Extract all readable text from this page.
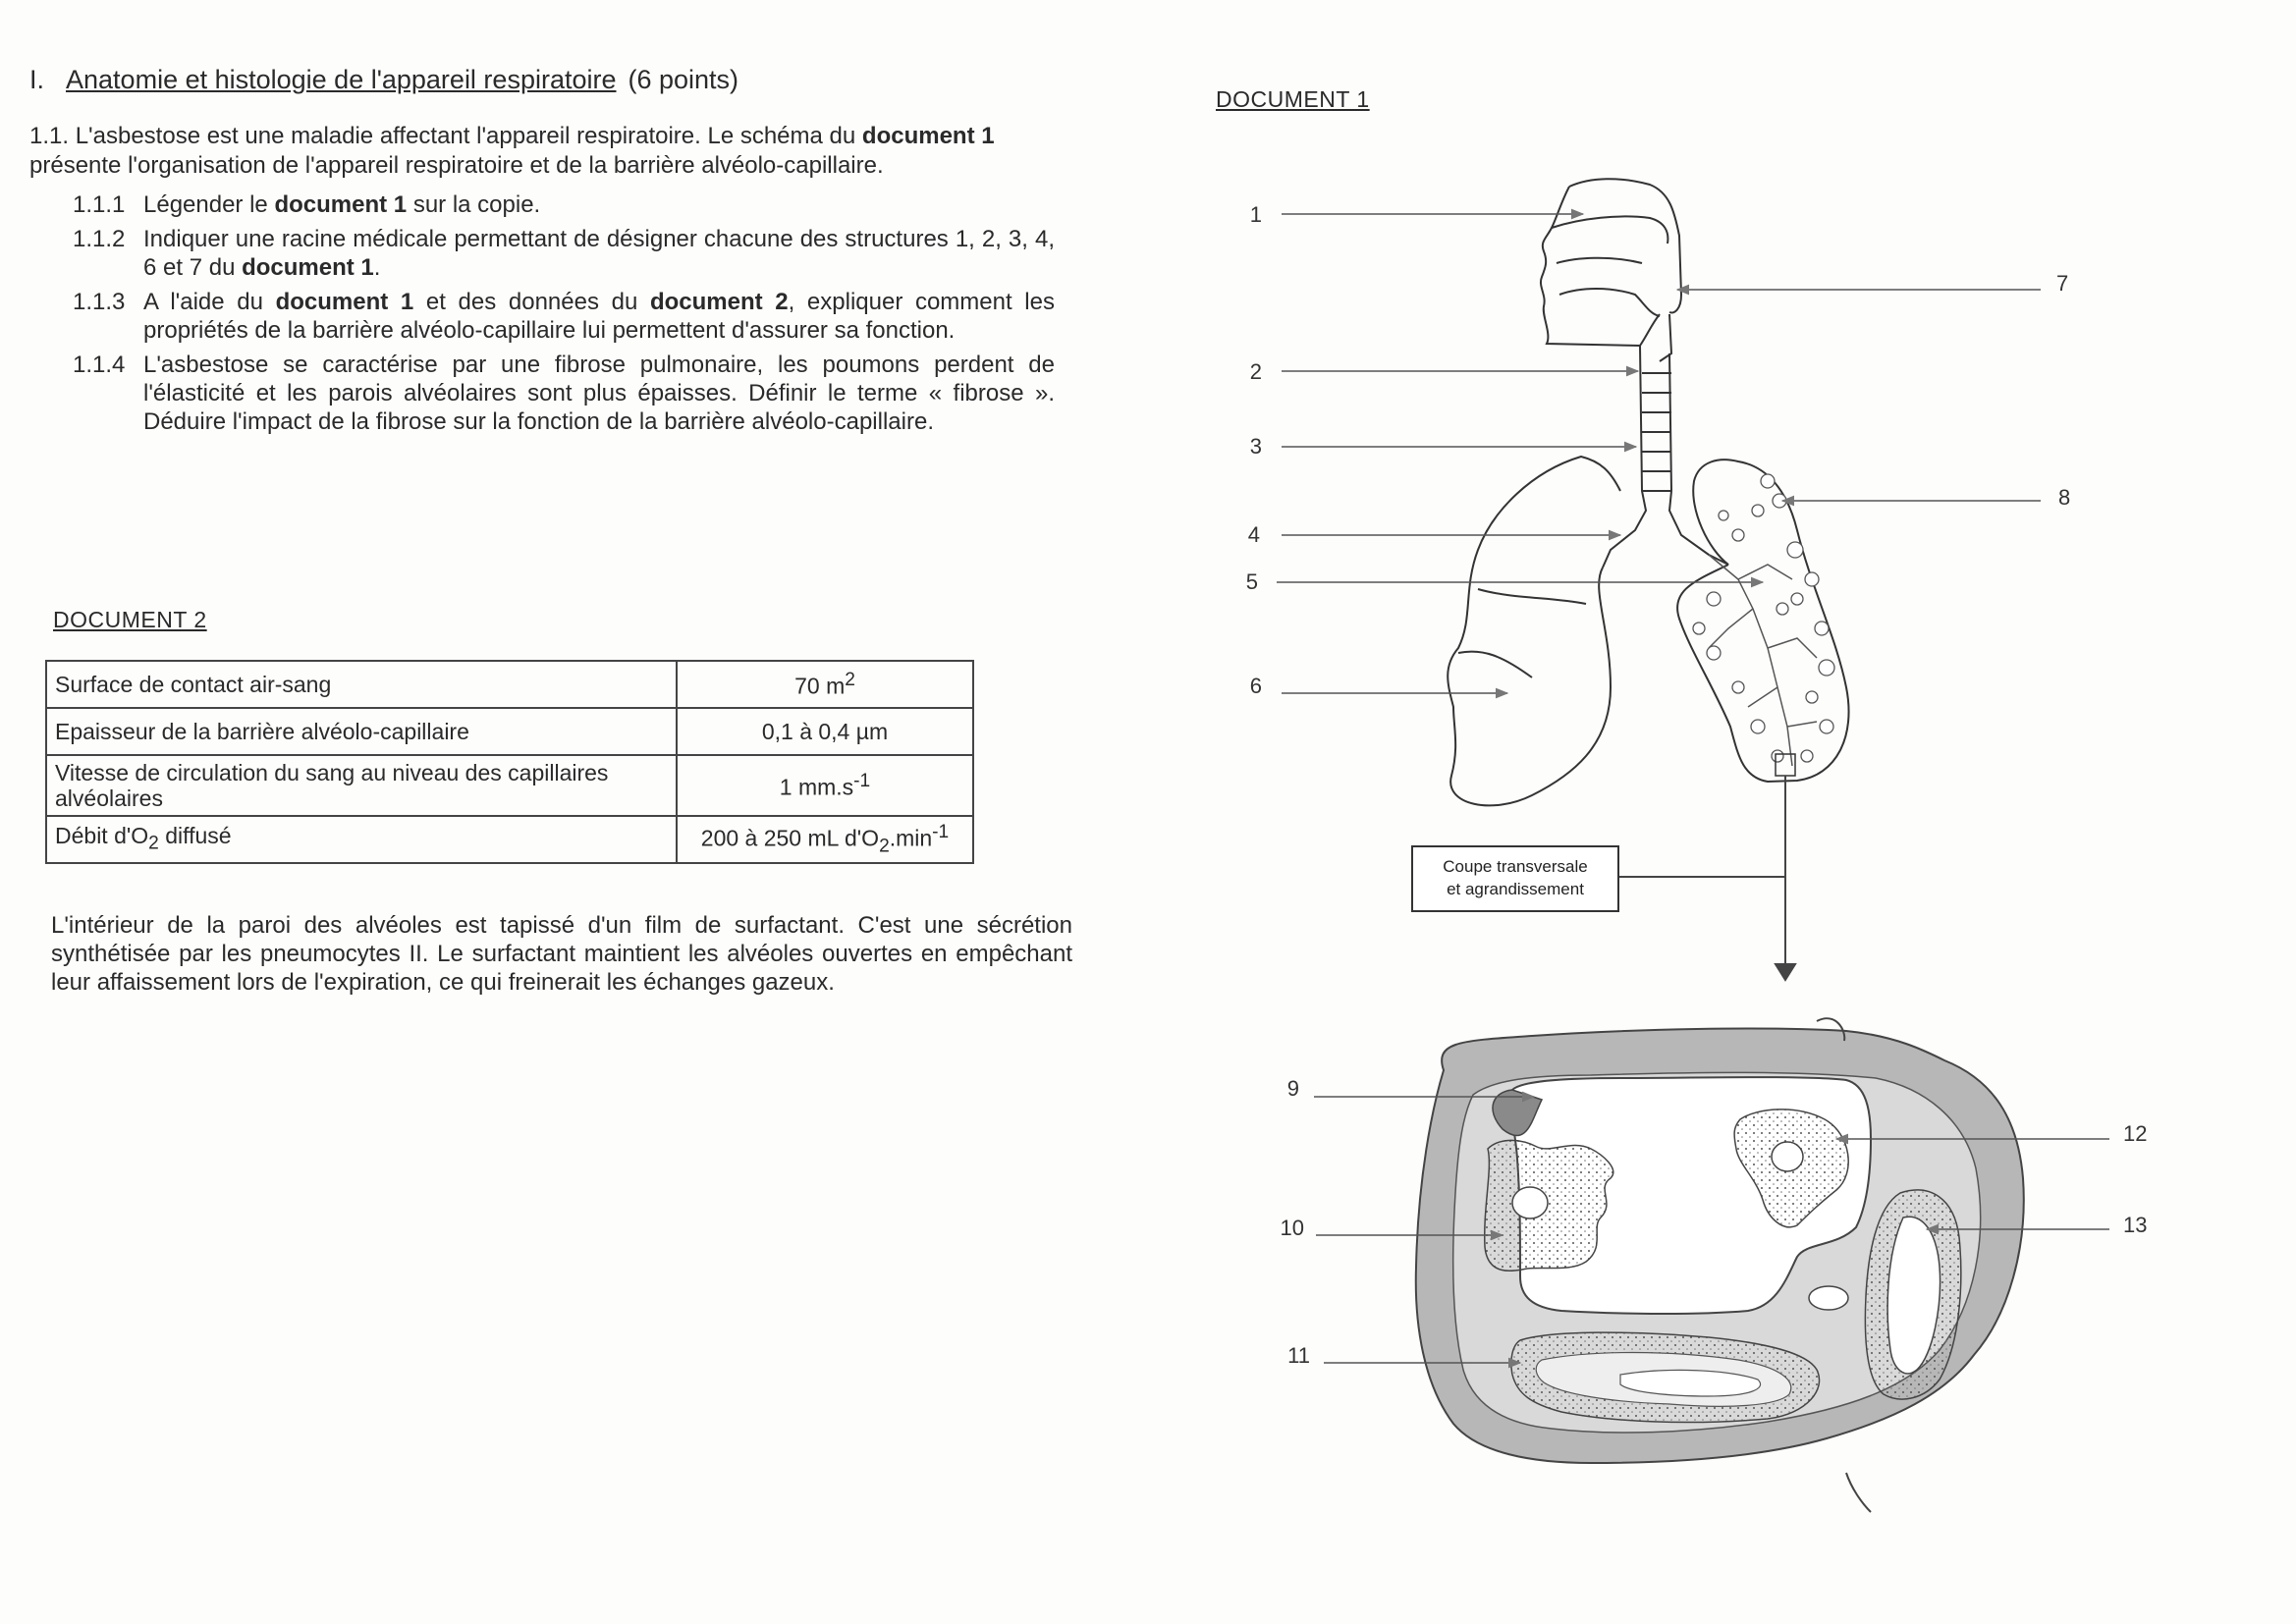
I. Anatomie et histologie de l'appareil respiratoire (6 points)
1.1. L'asbestose est une maladie affectant l'appareil respiratoire. Le schéma du document 1 présente l'organisation de l'appareil respiratoire et de la barrière alvéolo-capillaire.
1.1.1 Légender le document 1 sur la copie.
1.1.2 Indiquer une racine médicale permettant de désigner chacune des structures 1, 2, 3, 4, 6 et 7 du document 1.
1.1.3 A l'aide du document 1 et des données du document 2, expliquer comment les propriétés de la barrière alvéolo-capillaire lui permettent d'assurer sa fonction.
1.1.4 L'asbestose se caractérise par une fibrose pulmonaire, les poumons perdent de l'élasticité et les parois alvéolaires sont plus épaisses. Définir le terme « fibrose ». Déduire l'impact de la fibrose sur la fonction de la barrière alvéolo-capillaire.
DOCUMENT 2
Surface de contact air-sang	70 $m^2$
Epaisseur de la barrière alvéolo-capillaire	0,1 à 0,4 µm
Vitesse de circulation du sang au niveau des capillaires alvéolaires	1 $mm.s^{-1}$
Débit $d'O_2$ diffusé	200 à 250 mL $d'O_2.\min^{-1}$
L'intérieur de la paroi des alvéoles est tapissé d'un film de surfactant. C'est une sécrétion synthétisée par les pneumocytes II. Le surfactant maintient les alvéoles ouvertes en empêchant leur affaissement lors de l'expiration, ce qui freinerait les échanges gazeux.
DOCUMENT 1
Coupe transversale
et agrandissement
1
2
3
4
5
6
7
8
9
10
11
12
13
